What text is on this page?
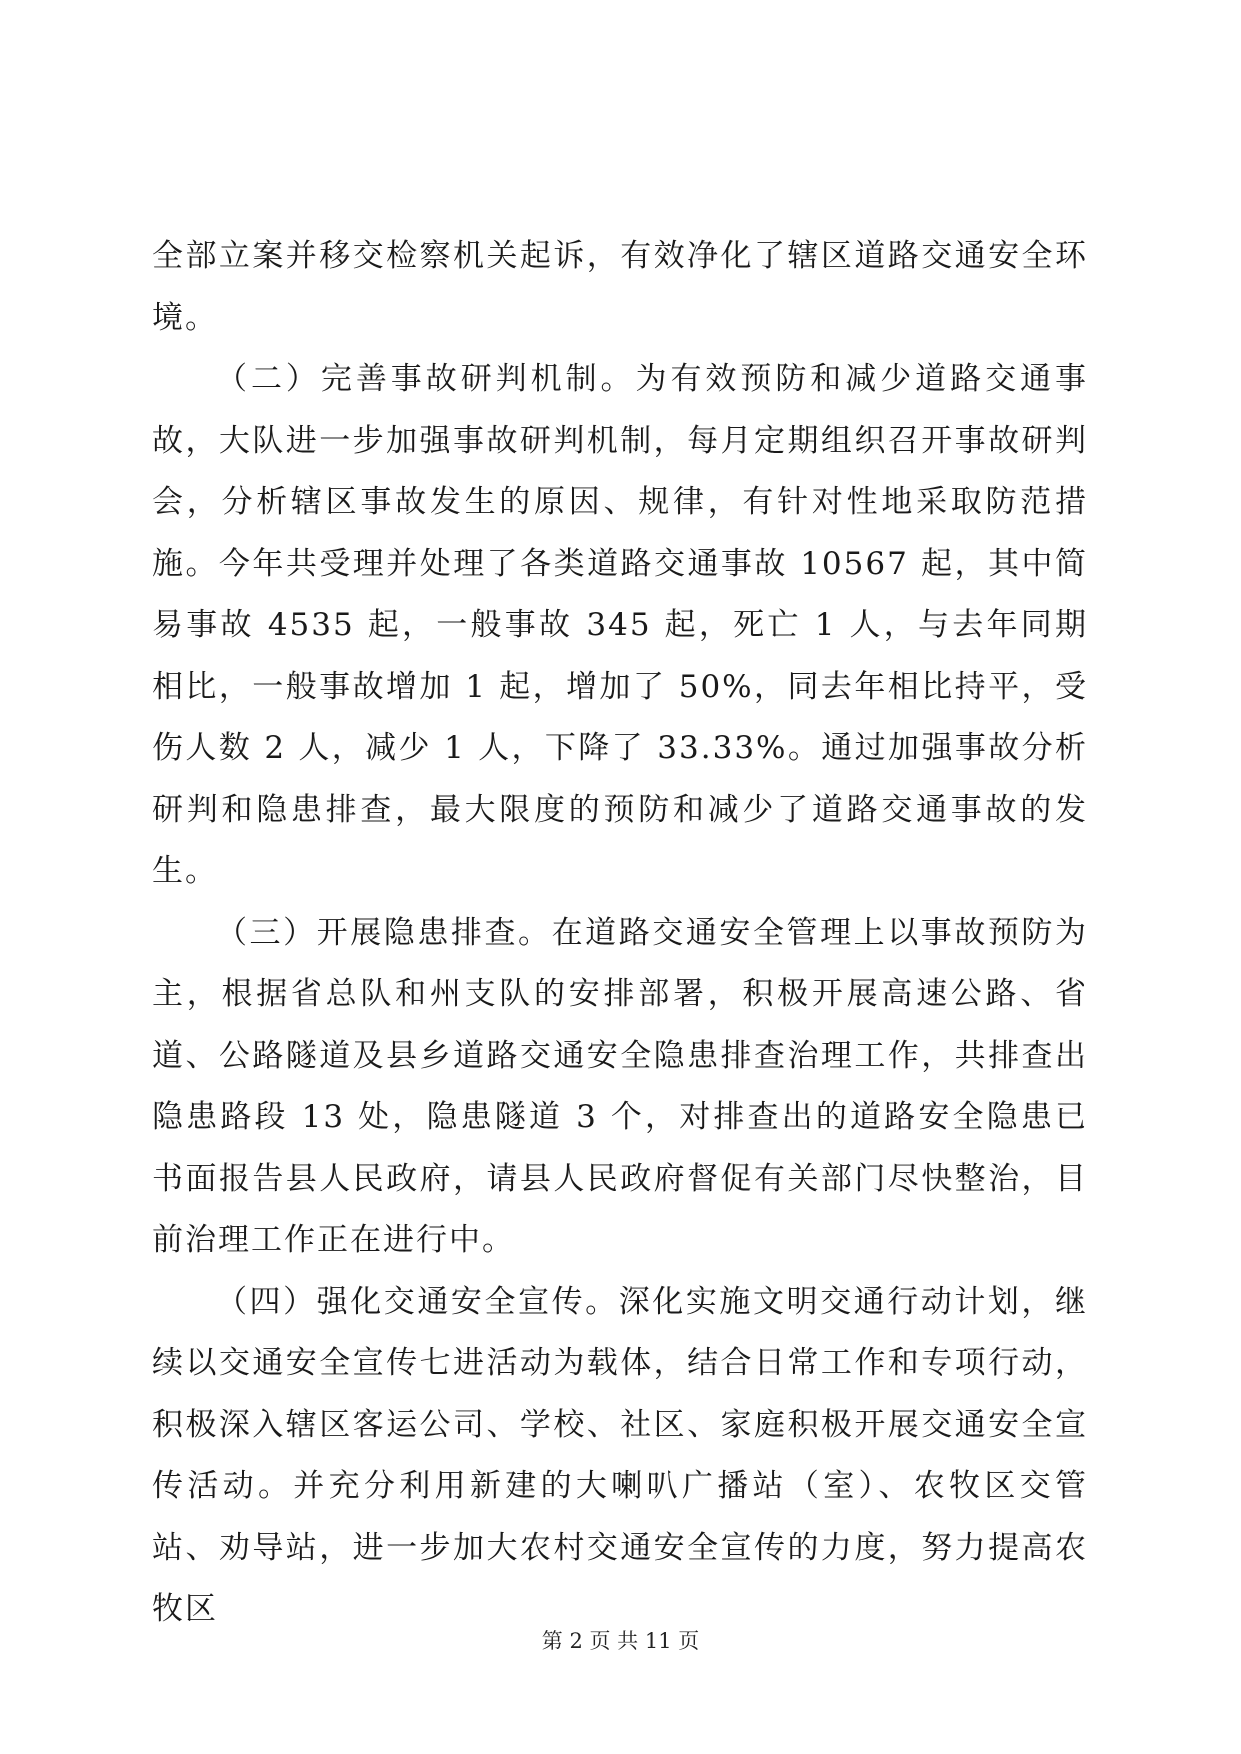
全部立案并移交检察机关起诉，有效净化了辖区道路交通安全环境。

（二）完善事故研判机制。为有效预防和减少道路交通事故，大队进一步加强事故研判机制，每月定期组织召开事故研判会，分析辖区事故发生的原因、规律，有针对性地采取防范措施。今年共受理并处理了各类道路交通事故 10567 起，其中简易事故 4535 起，一般事故 345 起，死亡 1 人，与去年同期相比，一般事故增加 1 起，增加了 50%，同去年相比持平，受伤人数 2 人，减少 1 人，下降了 33.33%。通过加强事故分析研判和隐患排查，最大限度的预防和减少了道路交通事故的发生。

（三）开展隐患排查。在道路交通安全管理上以事故预防为主，根据省总队和州支队的安排部署，积极开展高速公路、省道、公路隧道及县乡道路交通安全隐患排查治理工作，共排查出隐患路段 13 处，隐患隧道 3 个，对排查出的道路安全隐患已书面报告县人民政府，请县人民政府督促有关部门尽快整治，目前治理工作正在进行中。

（四）强化交通安全宣传。深化实施文明交通行动计划，继续以交通安全宣传七进活动为载体，结合日常工作和专项行动，积极深入辖区客运公司、学校、社区、家庭积极开展交通安全宣传活动。并充分利用新建的大喇叭广播站（室）、农牧区交管站、劝导站，进一步加大农村交通安全宣传的力度，努力提高农牧区

第 2 页 共 11 页
